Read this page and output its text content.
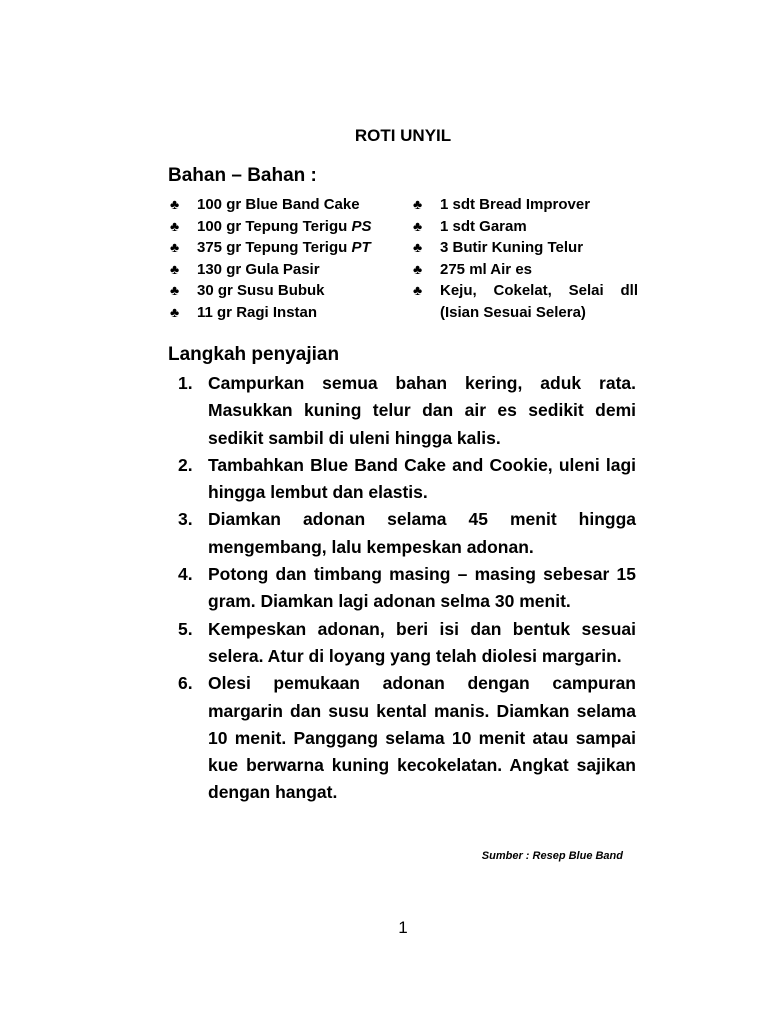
ROTI UNYIL
Bahan – Bahan :
♣	100 gr Blue Band Cake
♣	100 gr Tepung Terigu PS
♣	375 gr Tepung Terigu PT
♣	130 gr Gula Pasir
♣	30 gr Susu Bubuk
♣	11 gr Ragi Instan
♣	1 sdt Bread Improver
♣	1 sdt Garam
♣	3 Butir Kuning Telur
♣	275 ml Air es
♣	Keju, Cokelat, Selai dll
(Isian Sesuai Selera)
Langkah penyajian
1. Campurkan semua bahan kering, aduk rata. Masukkan kuning telur dan air es sedikit demi sedikit sambil di uleni hingga kalis.
2. Tambahkan Blue Band Cake and Cookie, uleni lagi hingga lembut dan elastis.
3. Diamkan adonan selama 45 menit hingga mengembang, lalu kempeskan adonan.
4. Potong dan timbang masing – masing sebesar 15 gram. Diamkan lagi adonan selma 30 menit.
5. Kempeskan adonan, beri isi dan bentuk sesuai selera. Atur di loyang yang telah diolesi margarin.
6. Olesi pemukaan adonan dengan campuran margarin dan susu kental manis. Diamkan selama 10 menit. Panggang selama 10 menit atau sampai kue berwarna kuning kecokelatan. Angkat sajikan dengan hangat.
Sumber : Resep Blue Band
1
